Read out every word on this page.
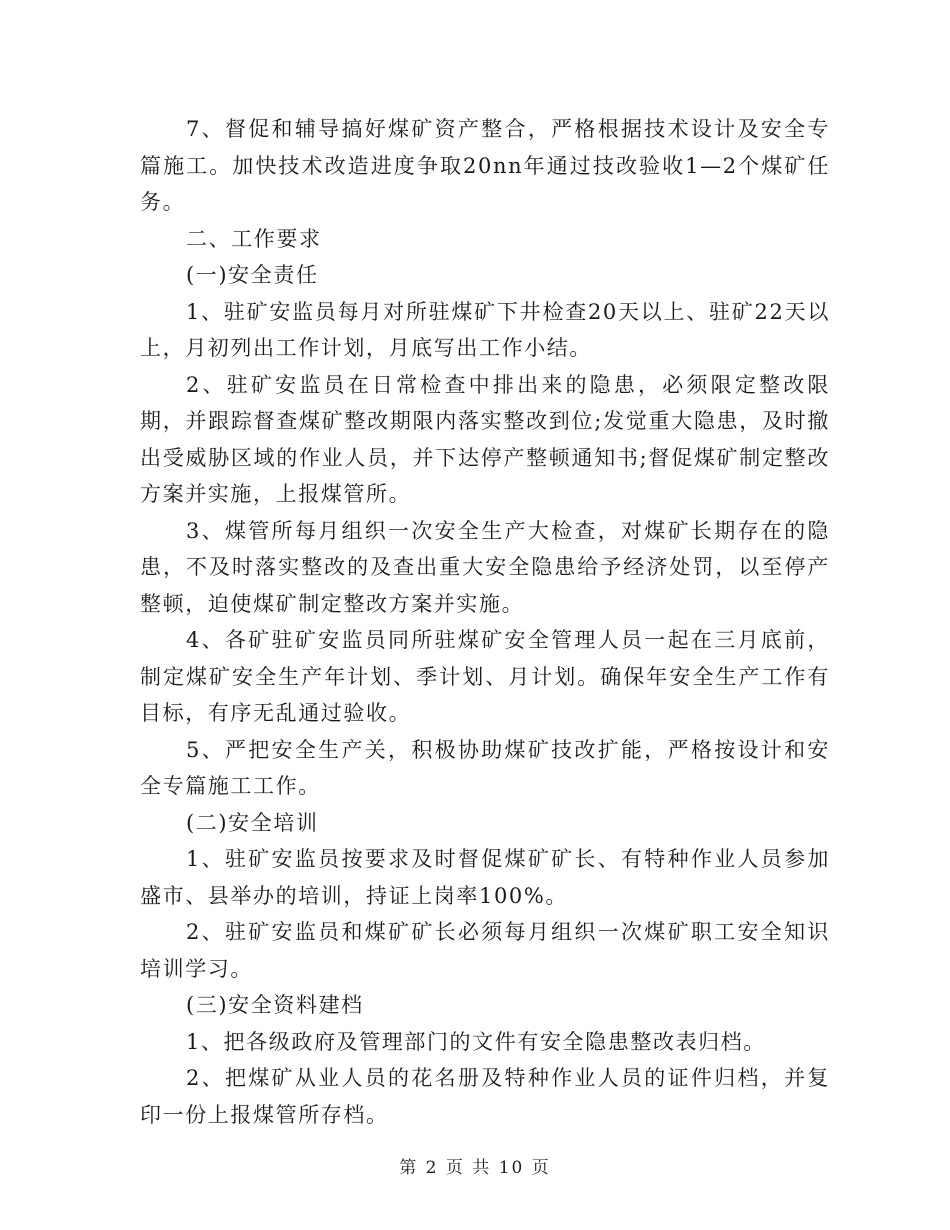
7、督促和辅导搞好煤矿资产整合，严格根据技术设计及安全专篇施工。加快技术改造进度争取20nn年通过技改验收1—2个煤矿任务。

二、工作要求

(一)安全责任

1、驻矿安监员每月对所驻煤矿下井检查20天以上、驻矿22天以上，月初列出工作计划，月底写出工作小结。

2、驻矿安监员在日常检查中排出来的隐患，必须限定整改限期，并跟踪督查煤矿整改期限内落实整改到位;发觉重大隐患，及时撤出受威胁区域的作业人员，并下达停产整顿通知书;督促煤矿制定整改方案并实施，上报煤管所。

3、煤管所每月组织一次安全生产大检查，对煤矿长期存在的隐患，不及时落实整改的及查出重大安全隐患给予经济处罚，以至停产整顿，迫使煤矿制定整改方案并实施。

4、各矿驻矿安监员同所驻煤矿安全管理人员一起在三月底前，制定煤矿安全生产年计划、季计划、月计划。确保年安全生产工作有目标，有序无乱通过验收。

5、严把安全生产关，积极协助煤矿技改扩能，严格按设计和安全专篇施工工作。

(二)安全培训

1、驻矿安监员按要求及时督促煤矿矿长、有特种作业人员参加盛市、县举办的培训，持证上岗率100%。

2、驻矿安监员和煤矿矿长必须每月组织一次煤矿职工安全知识培训学习。

(三)安全资料建档

1、把各级政府及管理部门的文件有安全隐患整改表归档。

2、把煤矿从业人员的花名册及特种作业人员的证件归档，并复印一份上报煤管所存档。

第 2 页 共 10 页
